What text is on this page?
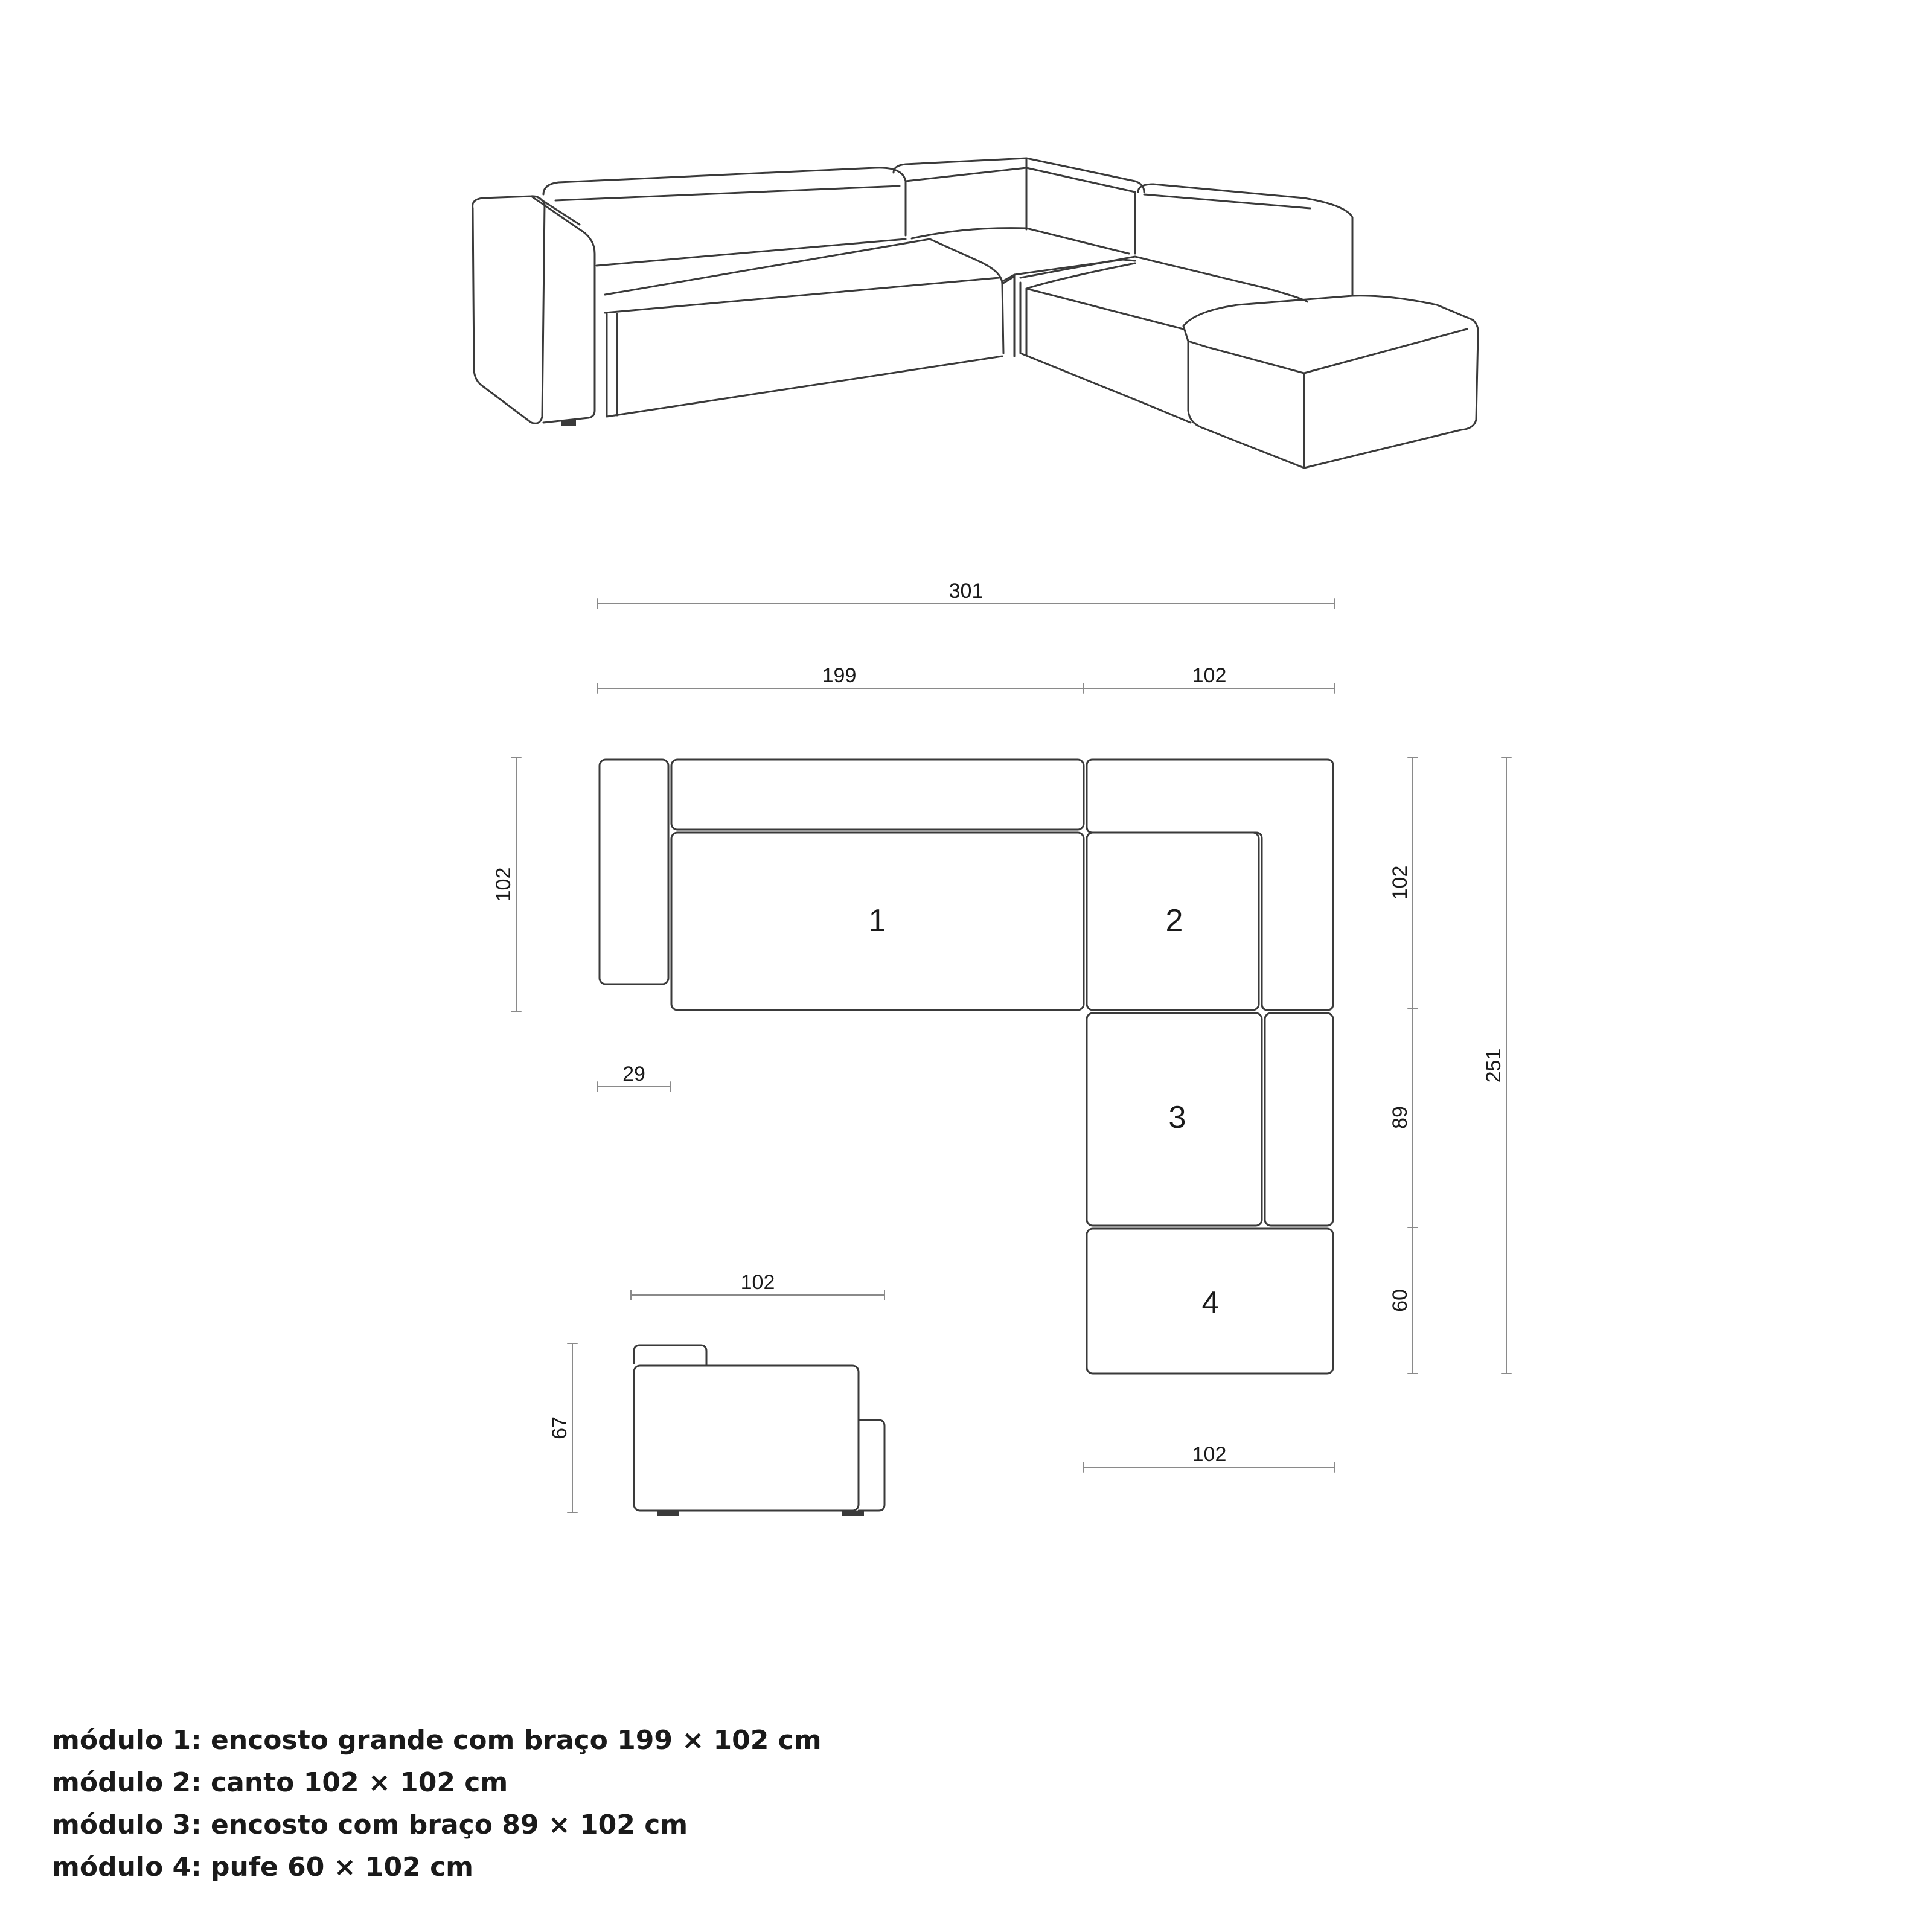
301
199	102
102	102
89
60
251
29
102
102
67
1	2
3
4
módulo 1: encosto grande com braço 199 × 102 cm
módulo 2: canto 102 × 102 cm
módulo 3: encosto com braço 89 × 102 cm
módulo 4: pufe 60 × 102 cm
